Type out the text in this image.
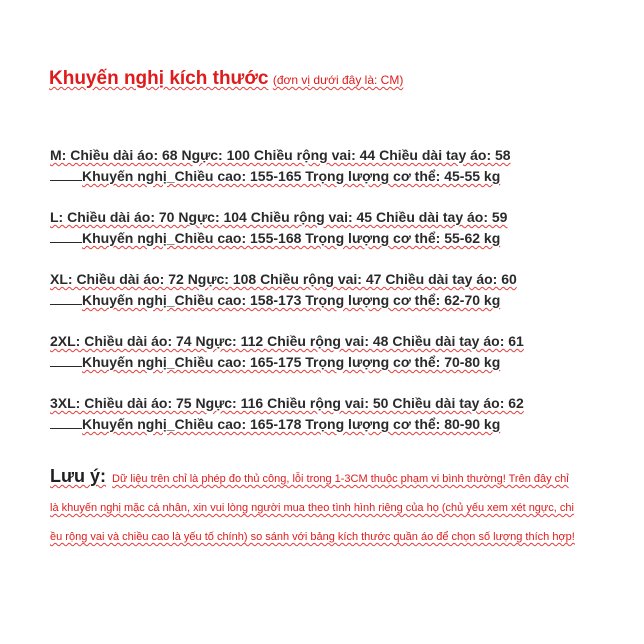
Khuyến nghị kích thước (đơn vị dưới đây là: CM)
M: Chiều dài áo: 68 Ngực: 100 Chiều rộng vai: 44 Chiều dài tay áo: 58
Khuyến nghị_Chiều cao: 155-165 Trọng lượng cơ thể: 45-55 kg
L: Chiều dài áo: 70 Ngực: 104 Chiều rộng vai: 45 Chiều dài tay áo: 59
Khuyến nghị_Chiều cao: 155-168 Trọng lượng cơ thể: 55-62 kg
XL: Chiều dài áo: 72 Ngực: 108 Chiều rộng vai: 47 Chiều dài tay áo: 60
Khuyến nghị_Chiều cao: 158-173 Trọng lượng cơ thể: 62-70 kg
2XL: Chiều dài áo: 74 Ngực: 112 Chiều rộng vai: 48 Chiều dài tay áo: 61
Khuyến nghị_Chiều cao: 165-175 Trọng lượng cơ thể: 70-80 kg
3XL: Chiều dài áo: 75 Ngực: 116 Chiều rộng vai: 50 Chiều dài tay áo: 62
Khuyến nghị_Chiều cao: 165-178 Trọng lượng cơ thể: 80-90 kg
Lưu ý: Dữ liệu trên chỉ là phép đo thủ công, lỗi trong 1-3CM thuộc phạm vi bình thường! Trên đây chỉ
là khuyến nghị mặc cá nhân, xin vui lòng người mua theo tình hình riêng của họ (chủ yếu xem xét ngực, chi
ều rộng vai và chiều cao là yếu tố chính) so sánh với bảng kích thước quần áo để chọn số lượng thích hợp!
